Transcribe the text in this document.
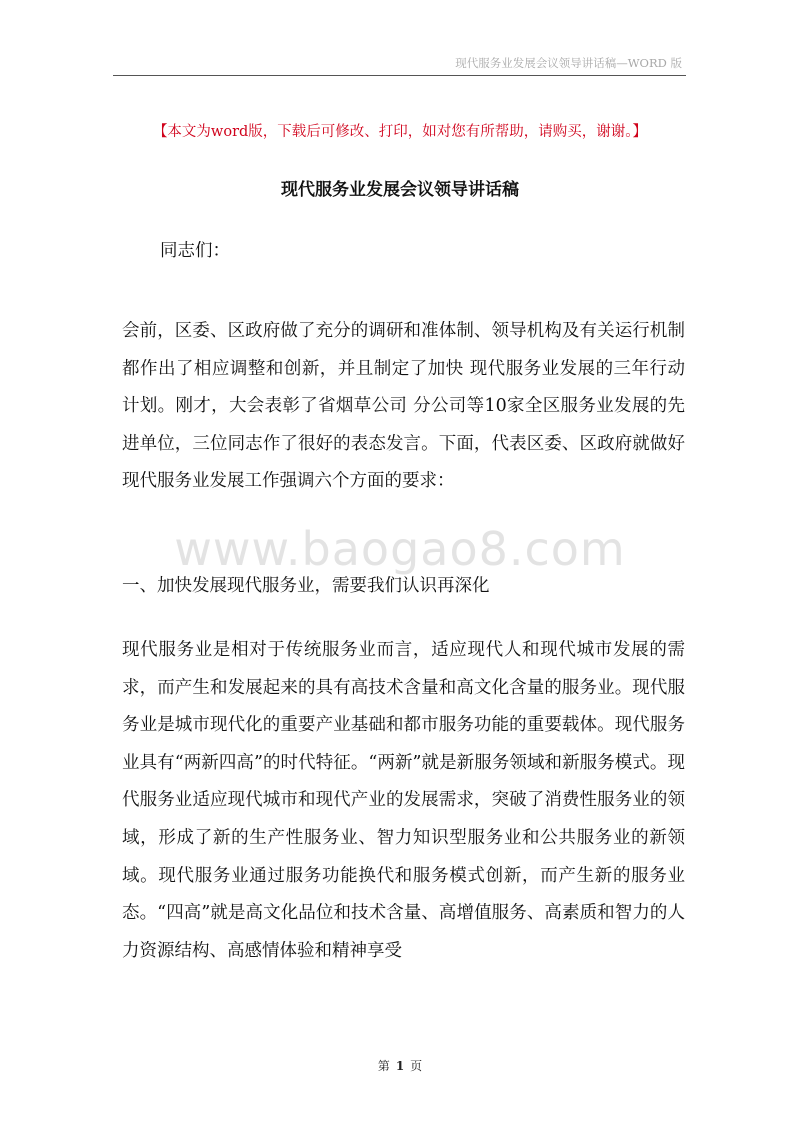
现代服务业发展会议领导讲话稿—WORD 版
【本文为word版，下载后可修改、打印，如对您有所帮助，请购买，谢谢。】
现代服务业发展会议领导讲话稿
同志们：

会前，区委、区政府做了充分的调研和准体制、领导机构及有关运行机制都作出了相应调整和创新，并且制定了加快 现代服务业发展的三年行动计划。刚才，大会表彰了省烟草公司 分公司等10家全区服务业发展的先进单位，三位同志作了很好的表态发言。下面，代表区委、区政府就做好 现代服务业发展工作强调六个方面的要求：

www.baogao8.com
一、加快发展现代服务业，需要我们认识再深化

现代服务业是相对于传统服务业而言，适应现代人和现代城市发展的需求，而产生和发展起来的具有高技术含量和高文化含量的服务业。现代服务业是城市现代化的重要产业基础和都市服务功能的重要载体。现代服务业具有“两新四高”的时代特征。“两新”就是新服务领域和新服务模式。现代服务业适应现代城市和现代产业的发展需求，突破了消费性服务业的领域，形成了新的生产性服务业、智力知识型服务业和公共服务业的新领域。现代服务业通过服务功能换代和服务模式创新，而产生新的服务业态。“四高”就是高文化品位和技术含量、高增值服务、高素质和智力的人力资源结构、高感情体验和精神享受

第 1 页
